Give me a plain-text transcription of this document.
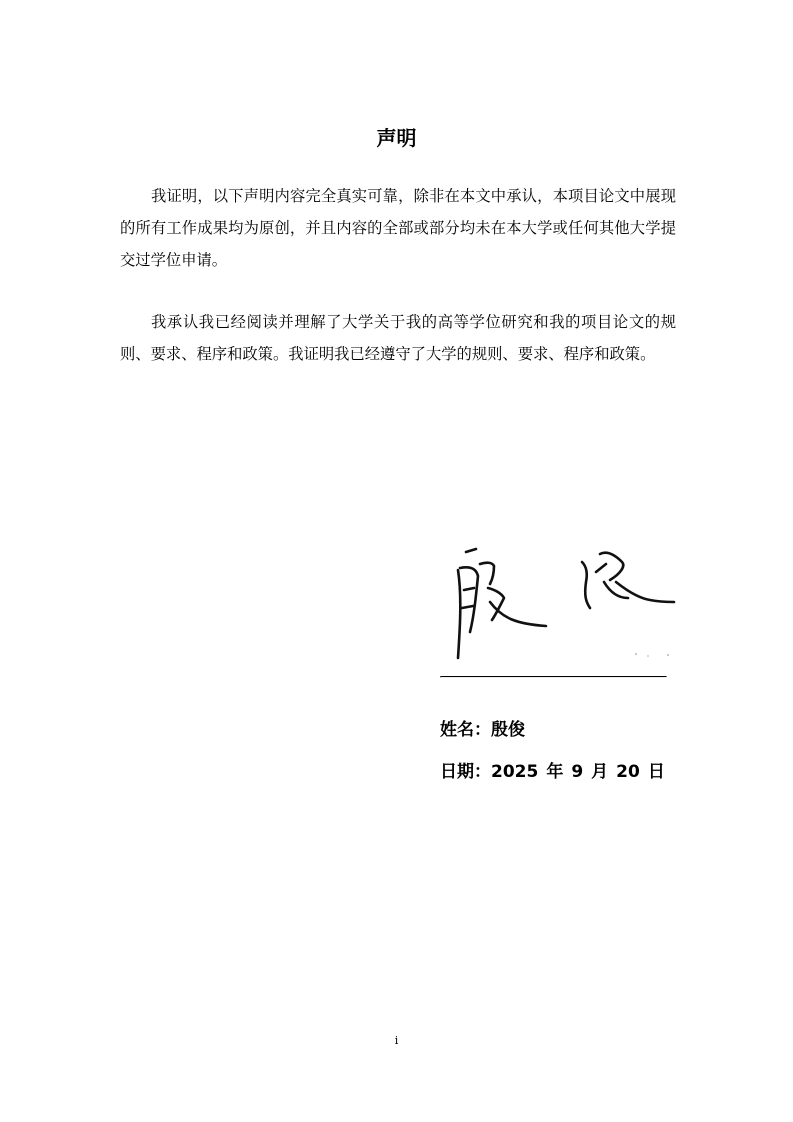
声明

我证明，以下声明内容完全真实可靠，除非在本文中承认，本项目论文中展现的所有工作成果均为原创，并且内容的全部或部分均未在本大学或任何其他大学提交过学位申请。

我承认我已经阅读并理解了大学关于我的高等学位研究和我的项目论文的规则、要求、程序和政策。我证明我已经遵守了大学的规则、要求、程序和政策。

姓名：殷俊
日期：2025 年 9 月 20 日
i
